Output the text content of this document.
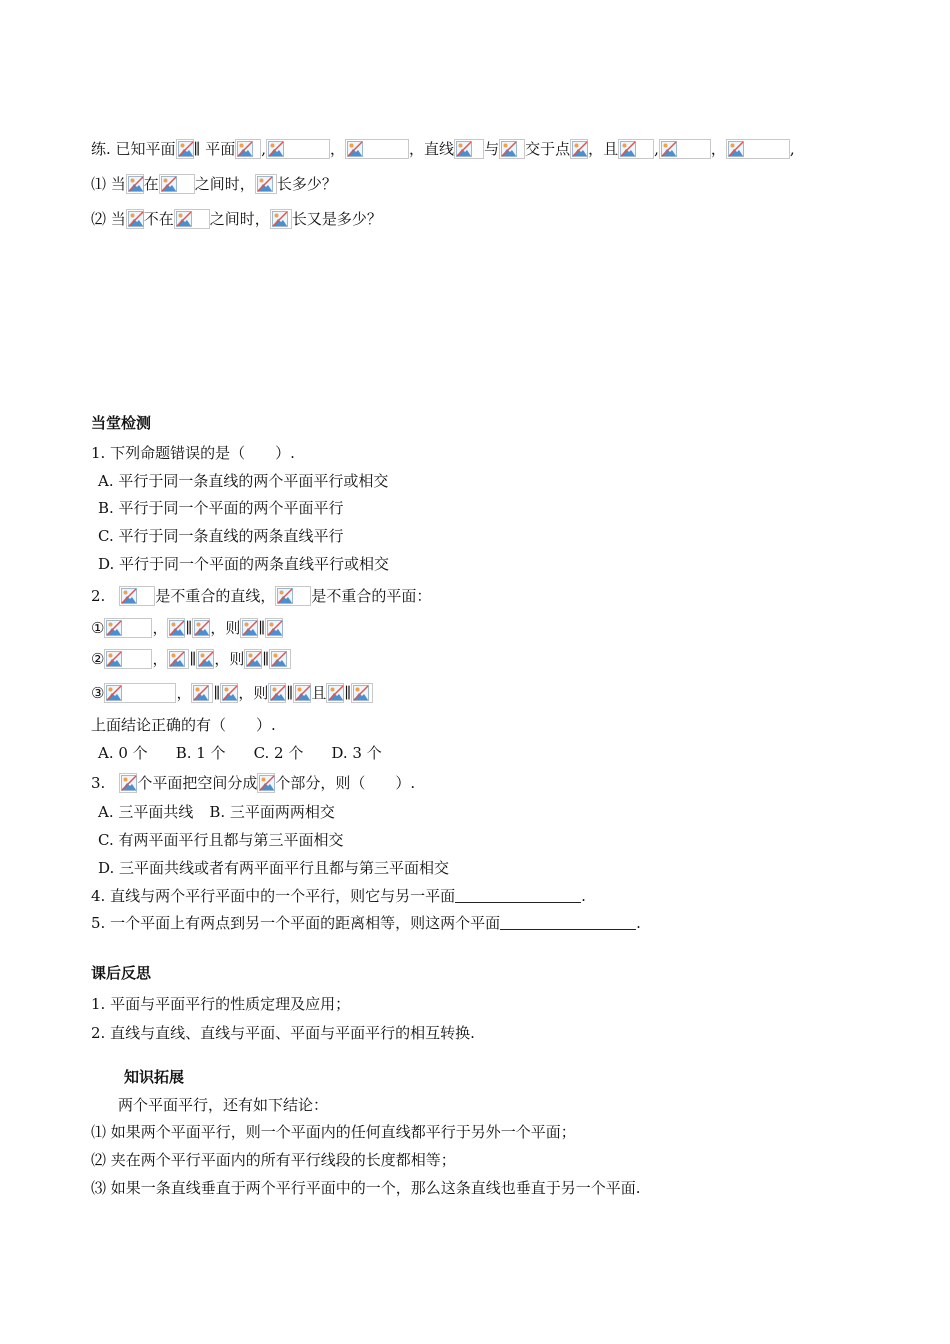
练. 已知平面 ∥ 平面 ,	，	，直线 与 交于点 ，且 ,	，	,
⑴ 当 在 之间时， 长多少？
⑵ 当 不在 之间时， 长又是多少？
当堂检测
1. 下列命题错误的是（　　）.
A. 平行于同一条直线的两个平面平行或相交
B. 平行于同一个平面的两个平面平行
C. 平行于同一条直线的两条直线平行
D. 平行于同一个平面的两条直线平行或相交
2.	是不重合的直线， 是不重合的平面：
①	， ∥ ，则 ∥
②	， ∥ ，则 ∥
③	， ∥ ，则 ∥ 且 ∥
上面结论正确的有（　　）.
A. 0 个 B. 1 个 C. 2 个 D. 3 个
3. 个平面把空间分成 个部分，则（　　）.
A. 三平面共线 B. 三平面两两相交
C. 有两平面平行且都与第三平面相交
D. 三平面共线或者有两平面平行且都与第三平面相交
4. 直线与两个平行平面中的一个平行，则它与另一平面	.
5. 一个平面上有两点到另一个平面的距离相等，则这两个平面	.
课后反思
1. 平面与平面平行的性质定理及应用；
2. 直线与直线、直线与平面、平面与平面平行的相互转换.
知识拓展
两个平面平行，还有如下结论：
⑴ 如果两个平面平行，则一个平面内的任何直线都平行于另外一个平面；
⑵ 夹在两个平行平面内的所有平行线段的长度都相等；
⑶ 如果一条直线垂直于两个平行平面中的一个，那么这条直线也垂直于另一个平面.
